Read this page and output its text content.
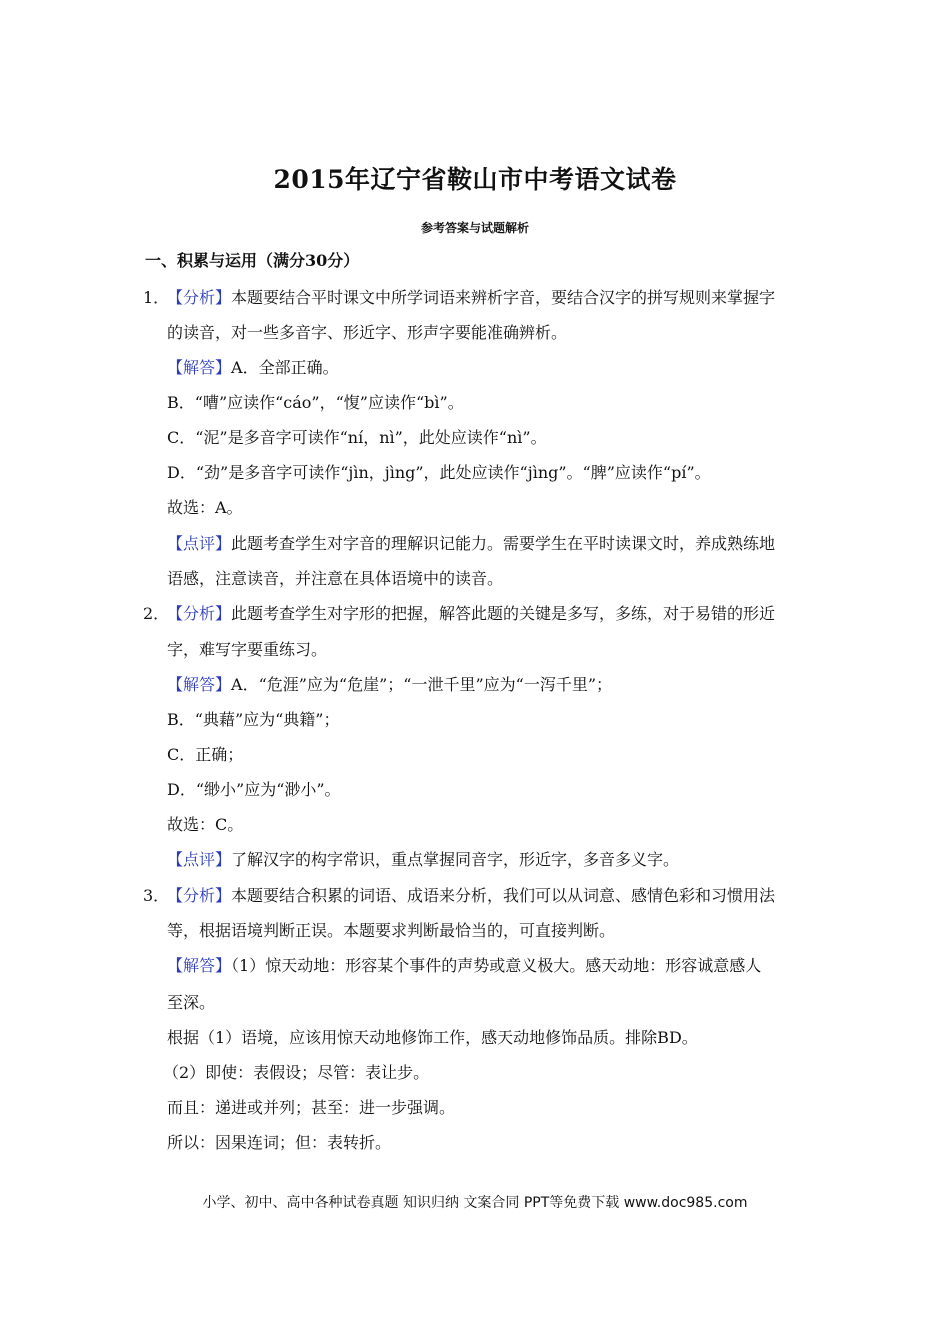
2015年辽宁省鞍山市中考语文试卷
参考答案与试题解析
一、积累与运用（满分30分）
1．
【分析】本题要结合平时课文中所学词语来辨析字音，要结合汉字的拼写规则来掌握字
的读音，对一些多音字、形近字、形声字要能准确辨析。
【解答】A．全部正确。
B．“嘈”应读作“cáo”，“愎”应读作“bì”。
C．“泥”是多音字可读作“ní，nì”，此处应读作“nì”。
D．“劲”是多音字可读作“jìn，jìng”，此处应读作“jìng”。“脾”应读作“pí”。
故选：A。
【点评】此题考查学生对字音的理解识记能力。需要学生在平时读课文时，养成熟练地
语感，注意读音，并注意在具体语境中的读音。
2．
【分析】此题考查学生对字形的把握，解答此题的关键是多写，多练，对于易错的形近
字，难写字要重练习。
【解答】A．“危涯”应为“危崖”；“一泄千里”应为“一泻千里”；
B．“典藉”应为“典籍”；
C．正确；
D．“缈小”应为“渺小”。
故选：C。
【点评】了解汉字的构字常识，重点掌握同音字，形近字，多音多义字。
3．
【分析】本题要结合积累的词语、成语来分析，我们可以从词意、感情色彩和习惯用法
等，根据语境判断正误。本题要求判断最恰当的，可直接判断。
【解答】（1）惊天动地：形容某个事件的声势或意义极大。感天动地：形容诚意感人
至深。
根据（1）语境，应该用惊天动地修饰工作，感天动地修饰品质。排除BD。
（2）即使：表假设；尽管：表让步。
而且：递进或并列；甚至：进一步强调。
所以：因果连词；但：表转折。
小学、初中、高中各种试卷真题 知识归纳 文案合同 PPT等免费下载 www.doc985.com
